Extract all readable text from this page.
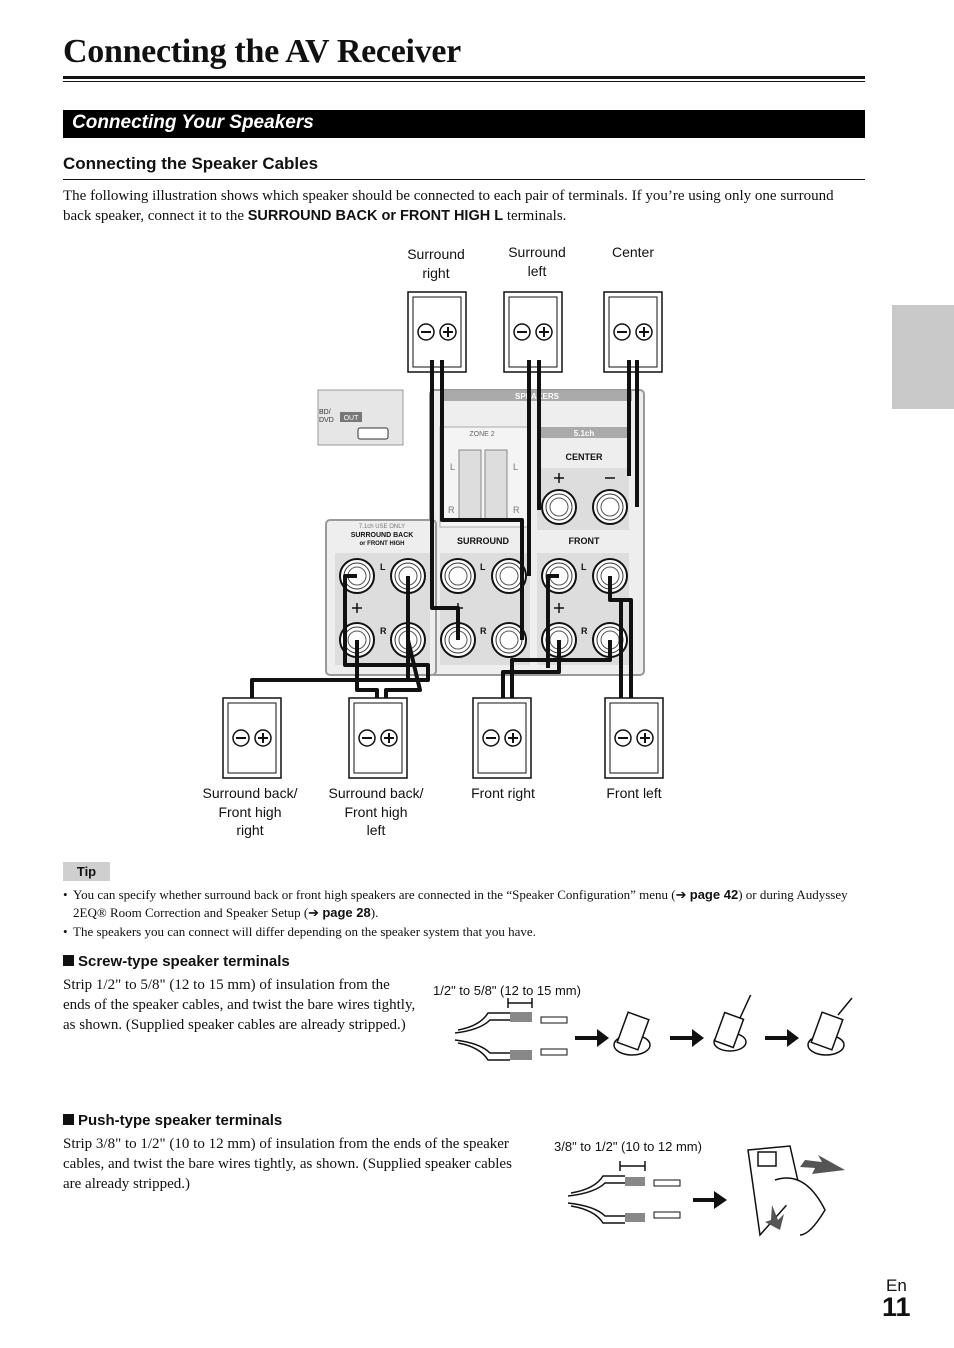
Connecting the AV Receiver
Connecting Your Speakers
Connecting the Speaker Cables
The following illustration shows which speaker should be connected to each pair of terminals. If you’re using only one surround back speaker, connect it to the SURROUND BACK or FRONT HIGH L terminals.
Surround
right
Surround
left
Center
OUT
BD/
DVD
SPEAKERS
ZONE 2
L	L
R	R
5.1ch
CENTER
7.1ch USE ONLY
SURROUND BACK
or FRONT HIGH	SURROUND	FRONT
L
R
L
R
L
R
Surround back/
Front high
right
Surround back/
Front high
left
Front right	Front left
Tip
• You can specify whether surround back or front high speakers are connected in the “Speaker Configuration” menu (➔ page 42) or during Audyssey 2EQ® Room Correction and Speaker Setup (➔ page 28).
• The speakers you can connect will differ depending on the speaker system that you have.
Screw-type speaker terminals
Strip 1/2" to 5/8" (12 to 15 mm) of insulation from the ends of the speaker cables, and twist the bare wires tightly, as shown. (Supplied speaker cables are already stripped.)
1/2" to 5/8" (12 to 15 mm)
Push-type speaker terminals
Strip 3/8" to 1/2" (10 to 12 mm) of insulation from the ends of the speaker cables, and twist the bare wires tightly, as shown. (Supplied speaker cables are already stripped.)
3/8" to 1/2" (10 to 12 mm)
En
11
